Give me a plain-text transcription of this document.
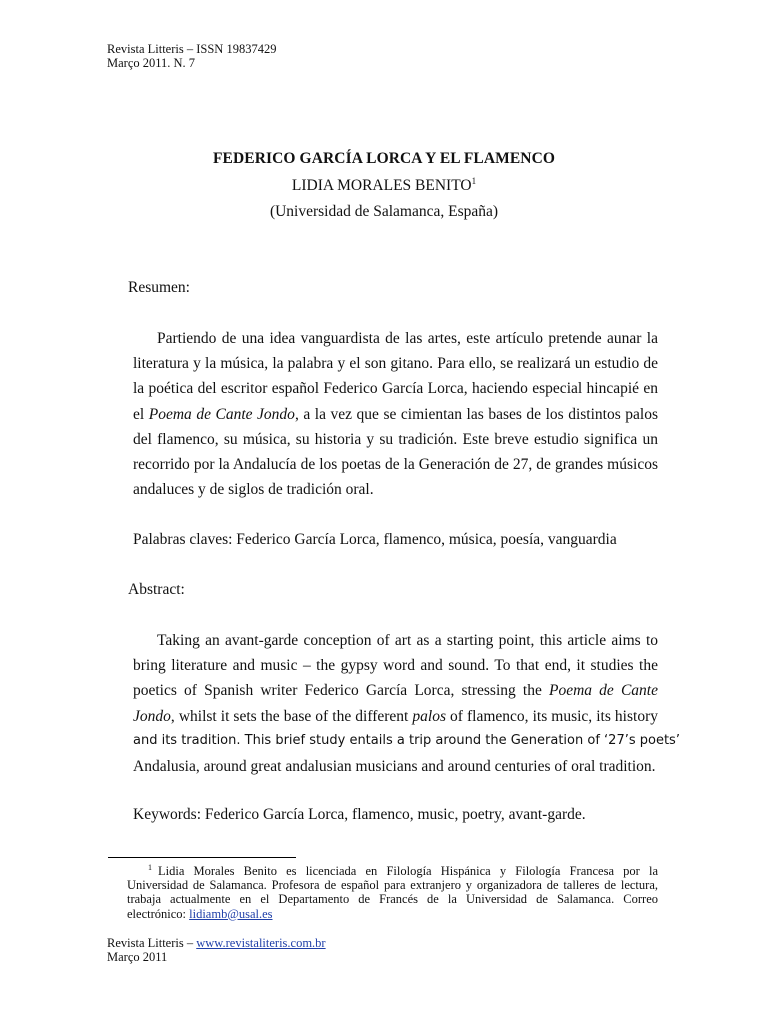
Revista Litteris – ISSN 19837429
Março 2011. N. 7
FEDERICO GARCÍA LORCA Y EL FLAMENCO
LIDIA MORALES BENITO$^1$
(Universidad de Salamanca, España)
Resumen:
Partiendo de una idea vanguardista de las artes, este artículo pretende aunar la
literatura y la música, la palabra y el son gitano. Para ello, se realizará un estudio de
la poética del escritor español Federico García Lorca, haciendo especial hincapié en
el Poema de Cante Jondo, a la vez que se cimientan las bases de los distintos palos
del flamenco, su música, su historia y su tradición. Este breve estudio significa un
recorrido por la Andalucía de los poetas de la Generación de 27, de grandes músicos
andaluces y de siglos de tradición oral.
Palabras claves: Federico García Lorca, flamenco, música, poesía, vanguardia
Abstract:
Taking an avant-garde conception of art as a starting point, this article aims to
bring literature and music – the gypsy word and sound. To that end, it studies the
poetics of Spanish writer Federico García Lorca, stressing the Poema de Cante
Jondo, whilst it sets the base of the different palos of flamenco, its music, its history
and its tradition. This brief study entails a trip around the Generation of ‘27’s poets’
Andalusia, around great andalusian musicians and around centuries of oral tradition.
Keywords: Federico García Lorca, flamenco, music, poetry, avant-garde.
$^1$ Lidia Morales Benito es licenciada en Filología Hispánica y Filología Francesa por la
Universidad de Salamanca. Profesora de español para extranjero y organizadora de talleres de lectura,
trabaja actualmente en el Departamento de Francés de la Universidad de Salamanca. Correo
electrónico: lidiamb@usal.es
Revista Litteris – www.revistaliteris.com.br
Março 2011
